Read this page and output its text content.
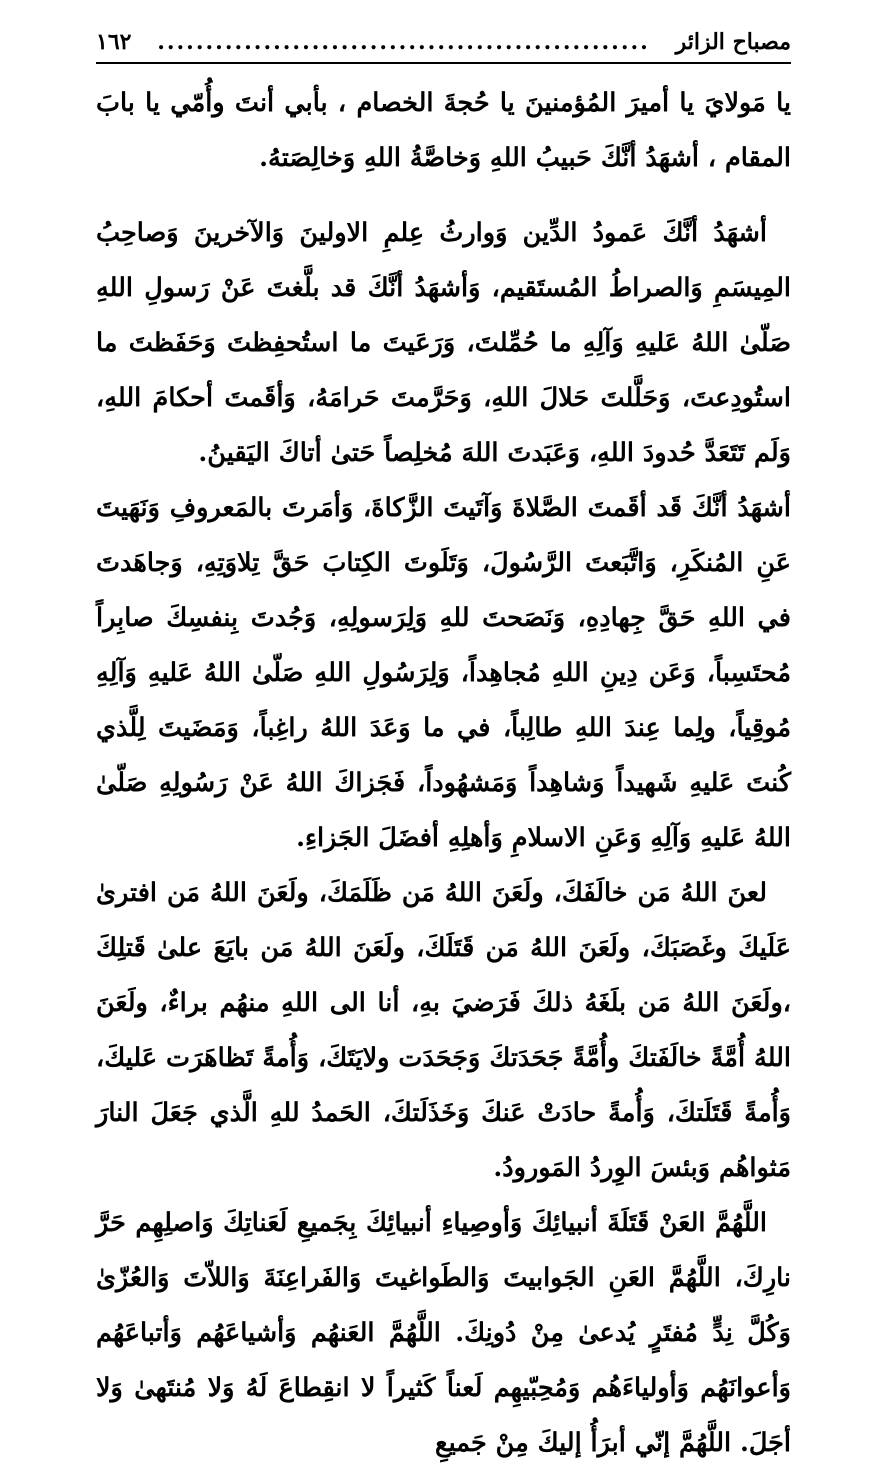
مصباح الزائر
...................................................
١٦٢

يا مَولايَ يا أميرَ المُؤمنينَ يا حُجةَ الخصام ، بأبي أنتَ وأُمّي يا بابَ المقام ، أشهَدُ أنَّكَ حَبيبُ اللهِ وَخاصَّةُ اللهِ وَخالِصَتهُ.

أشهَدُ أنَّكَ عَمودُ الدِّين وَوارثُ عِلمِ الاولينَ وَالآخرينَ وَصاحِبُ المِيسَمِ وَالصراطُ المُستَقيم، وَأشهَدُ أنَّكَ قد بلَّغتَ عَنْ رَسولِ اللهِ صَلّىٰ اللهُ عَليهِ وَآلِهِ ما حُمِّلتَ، وَرَعَيتَ ما استُحفِظتَ وَحَفَظتَ ما استُودِعتَ، وَحَلَّلتَ حَلالَ اللهِ، وَحَرَّمتَ حَرامَهُ، وَأقَمتَ أحكامَ اللهِ، وَلَم تَتَعَدَّ حُدودَ اللهِ، وَعَبَدتَ اللهَ مُخلِصاً حَتىٰ أتاكَ اليَقينُ.

أشهَدُ أنَّكَ قَد أقَمتَ الصَّلاةَ وَآتَيتَ الزَّكاةَ، وَأمَرتَ بالمَعروفِ وَنَهَيتَ عَنِ المُنكَرِ، وَاتَّبَعتَ الرَّسُولَ، وَتَلَوتَ الكِتابَ حَقَّ تِلاوَتِهِ، وَجاهَدتَ في اللهِ حَقَّ جِهادِهِ، وَنَصَحتَ للهِ وَلِرَسولِهِ، وَجُدتَ بِنفسِكَ صابِراً مُحتَسِباً، وَعَن دِينِ اللهِ مُجاهِداً، وَلِرَسُولِ اللهِ صَلّىٰ اللهُ عَليهِ وَآلِهِ مُوقِياً، ولِما عِندَ اللهِ طالِباً، في ما وَعَدَ اللهُ راغِباً، وَمَضَيتَ لِلَّذي كُنتَ عَليهِ شَهيداً وَشاهِداً وَمَشهُوداً، فَجَزاكَ اللهُ عَنْ رَسُولِهِ صَلّىٰ اللهُ عَليهِ وَآلِهِ وَعَنِ الاسلامِ وَأهلِهِ أفضَلَ الجَزاءِ.

لعنَ اللهُ مَن خالَفَكَ، ولَعَنَ اللهُ مَن ظَلَمَكَ، ولَعَنَ اللهُ مَن افترىٰ عَلَيكَ وغَصَبَكَ، ولَعَنَ اللهُ مَن قَتَلَكَ، ولَعَنَ اللهُ مَن بايَعَ علىٰ قَتلِكَ ،ولَعَنَ اللهُ مَن بلَغَهُ ذلكَ فَرَضيَ بهِ، أنا الى اللهِ منهُم براءٌ، ولَعَنَ اللهُ أُمَّةً خالَفَتكَ وأُمَّةً جَحَدَتكَ وَجَحَدَت ولايَتَكَ، وَأُمةً تَظاهَرَت عَليكَ، وَأُمةً قَتَلَتكَ، وَأُمةً حادَتْ عَنكَ وَخَذَلَتكَ، الحَمدُ للهِ الَّذي جَعَلَ النارَ مَثواهُم وَبئسَ الوِردُ المَورودُ.

اللَّهُمَّ العَنْ قَتَلَةَ أنبيائِكَ وَأوصِياءِ أنبيائِكَ بِجَميعِ لَعَناتِكَ وَاصلِهِم حَرَّ نارِكَ، اللَّهُمَّ العَنِ الجَوابيتَ وَالطَواغيتَ وَالفَراعِنَةَ وَاللاّتَ وَالعُزّىٰ وَكُلَّ نِدٍّ مُفتَرٍ يُدعىٰ مِنْ دُونِكَ. اللَّهُمَّ العَنهُم وَأشياعَهُم وَأتباعَهُم وَأعوانَهُم وَأولياءَهُم وَمُحِبّيهِم لَعناً كَثيراً لا انقِطاعَ لَهُ وَلا مُنتَهىٰ وَلا أجَلَ. اللَّهُمَّ إنّي أبرَأُ إليكَ مِنْ جَميعِ
